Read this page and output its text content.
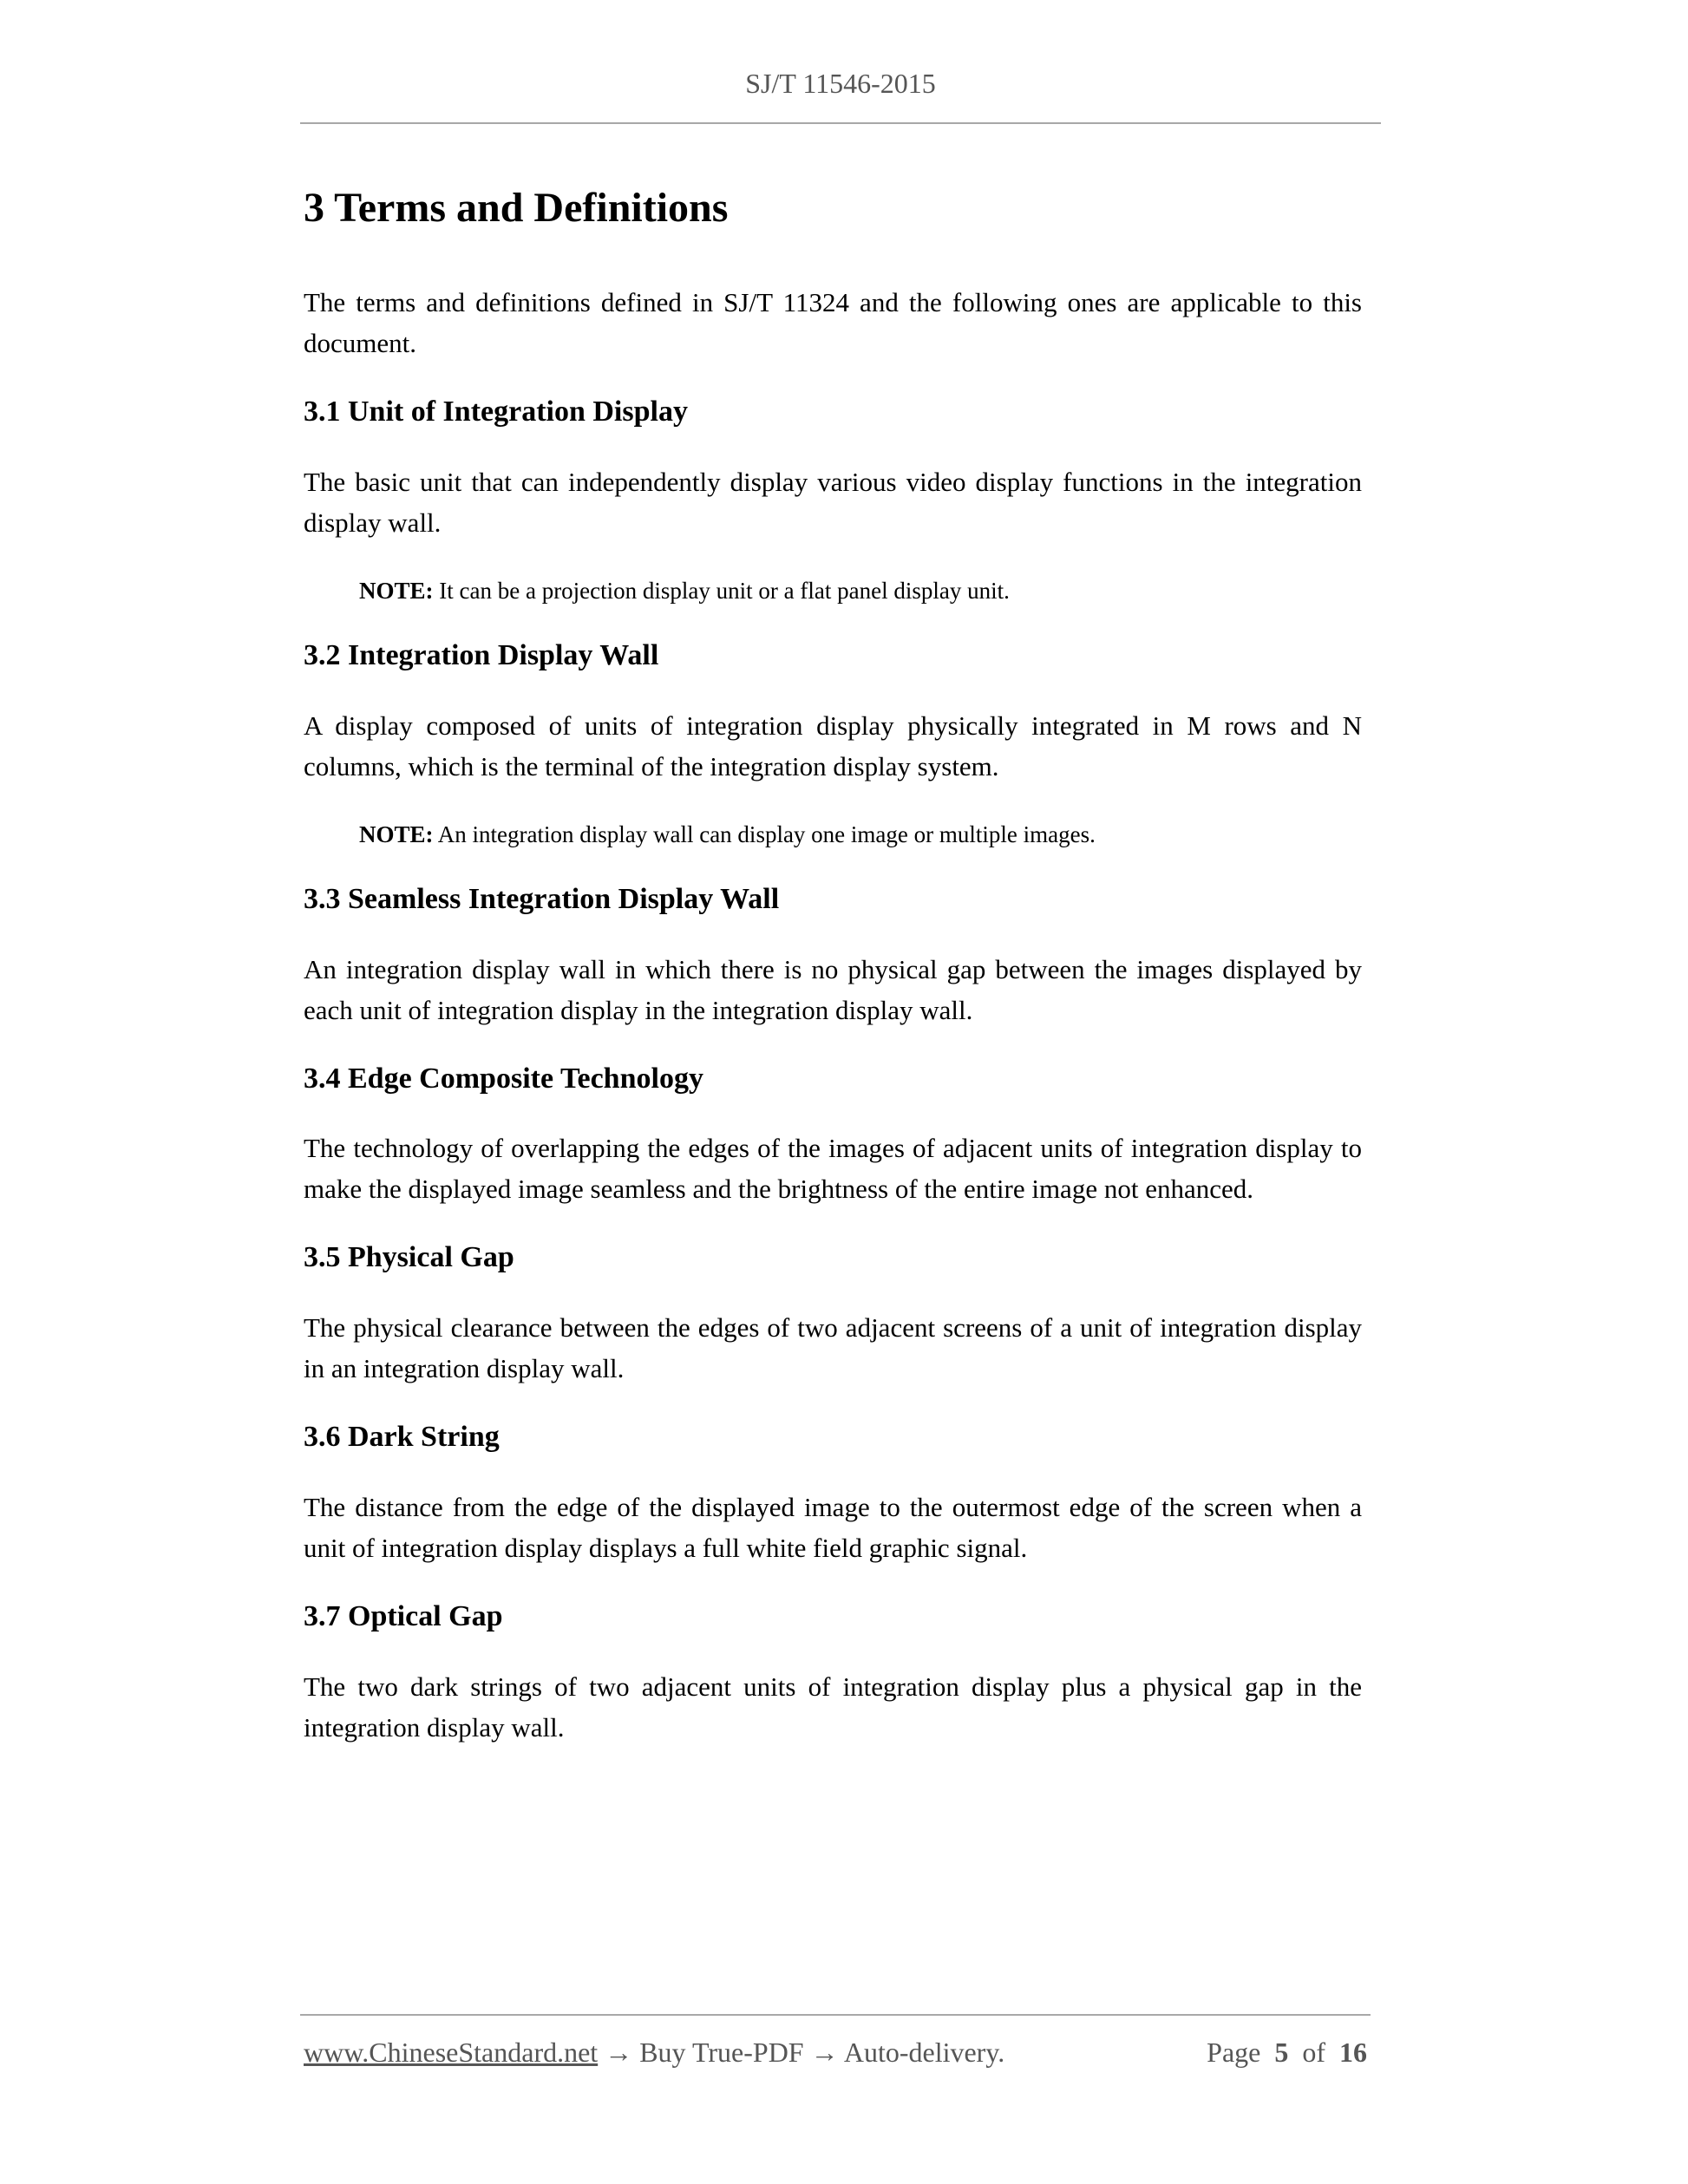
SJ/T 11546-2015
3 Terms and Definitions

The terms and definitions defined in SJ/T 11324 and the following ones are applicable to this document.

3.1 Unit of Integration Display

The basic unit that can independently display various video display functions in the integration display wall.

NOTE: It can be a projection display unit or a flat panel display unit.

3.2 Integration Display Wall

A display composed of units of integration display physically integrated in M rows and N columns, which is the terminal of the integration display system.

NOTE: An integration display wall can display one image or multiple images.

3.3 Seamless Integration Display Wall

An integration display wall in which there is no physical gap between the images displayed by each unit of integration display in the integration display wall.

3.4 Edge Composite Technology

The technology of overlapping the edges of the images of adjacent units of integration display to make the displayed image seamless and the brightness of the entire image not enhanced.

3.5 Physical Gap

The physical clearance between the edges of two adjacent screens of a unit of integration display in an integration display wall.

3.6 Dark String

The distance from the edge of the displayed image to the outermost edge of the screen when a unit of integration display displays a full white field graphic signal.

3.7 Optical Gap

The two dark strings of two adjacent units of integration display plus a physical gap in the integration display wall.

www.ChineseStandard.net → Buy True-PDF → Auto-delivery.	Page 5 of 16
